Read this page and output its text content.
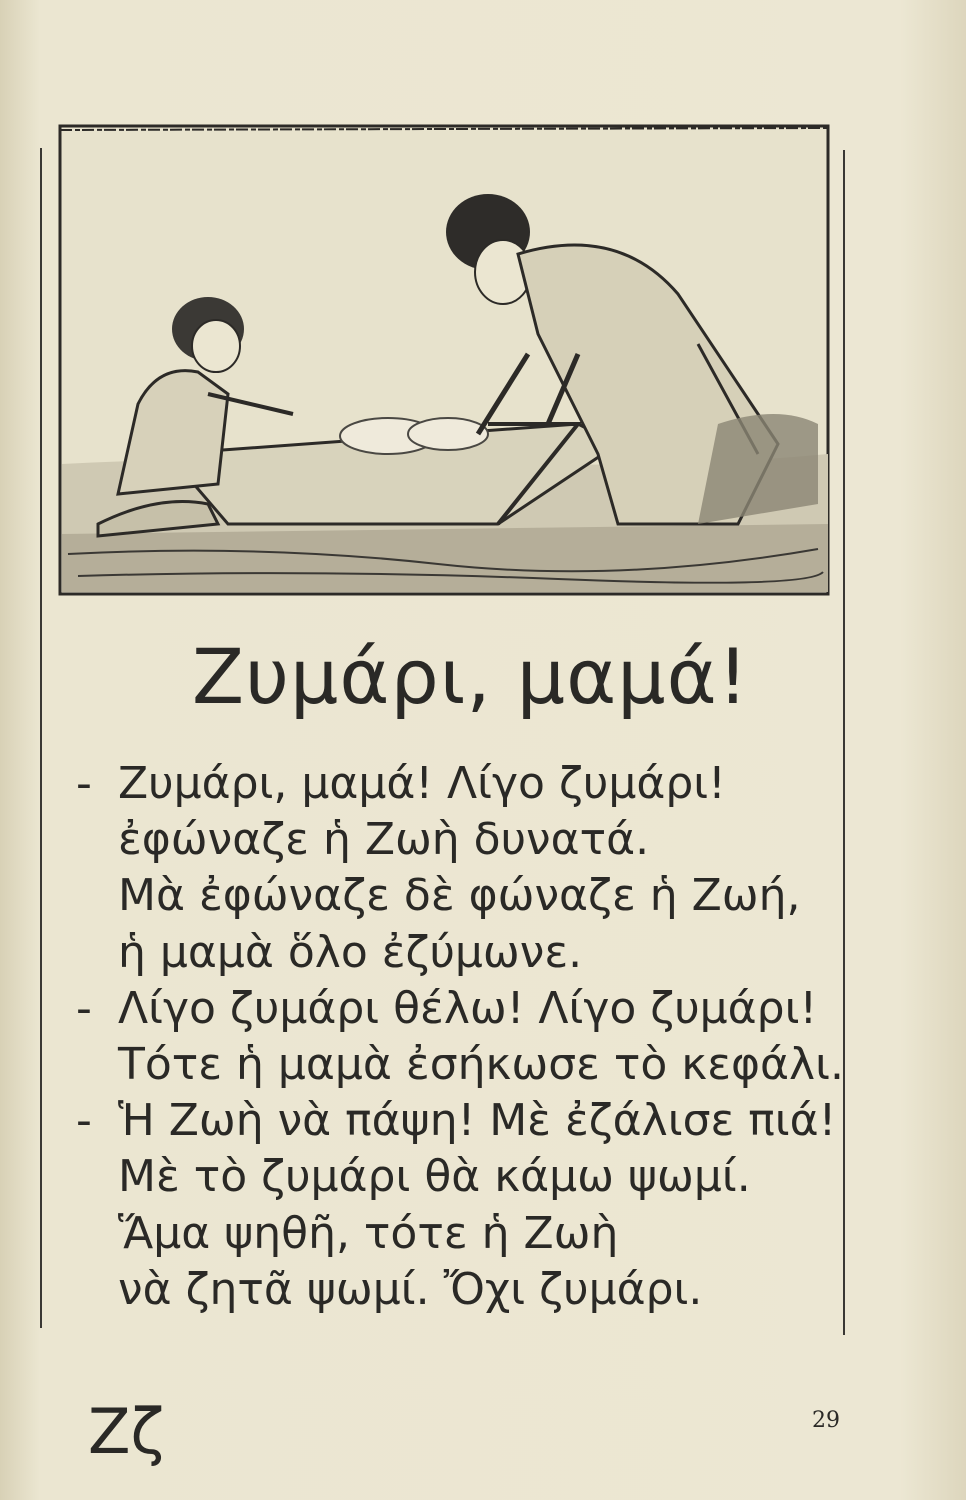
Ζυμάρι, μαμά!
- Ζυμάρι, μαμά! Λίγο ζυμάρι!
ἐφώναζε ἡ Ζωὴ δυνατά.
Μὰ ἐφώναζε δὲ φώναζε ἡ Ζωή,
ἡ μαμὰ ὅλο ἐζύμωνε.
- Λίγο ζυμάρι θέλω! Λίγο ζυμάρι!
Τότε ἡ μαμὰ ἐσήκωσε τὸ κεφάλι.
- Ἡ Ζωὴ νὰ πάψη! Μὲ ἐζάλισε πιά!
Μὲ τὸ ζυμάρι θὰ κάμω ψωμί.
Ἅμα ψηθῆ, τότε ἡ Ζωὴ
νὰ ζητᾶ ψωμί. Ὄχι ζυμάρι.
Ζζ	29
